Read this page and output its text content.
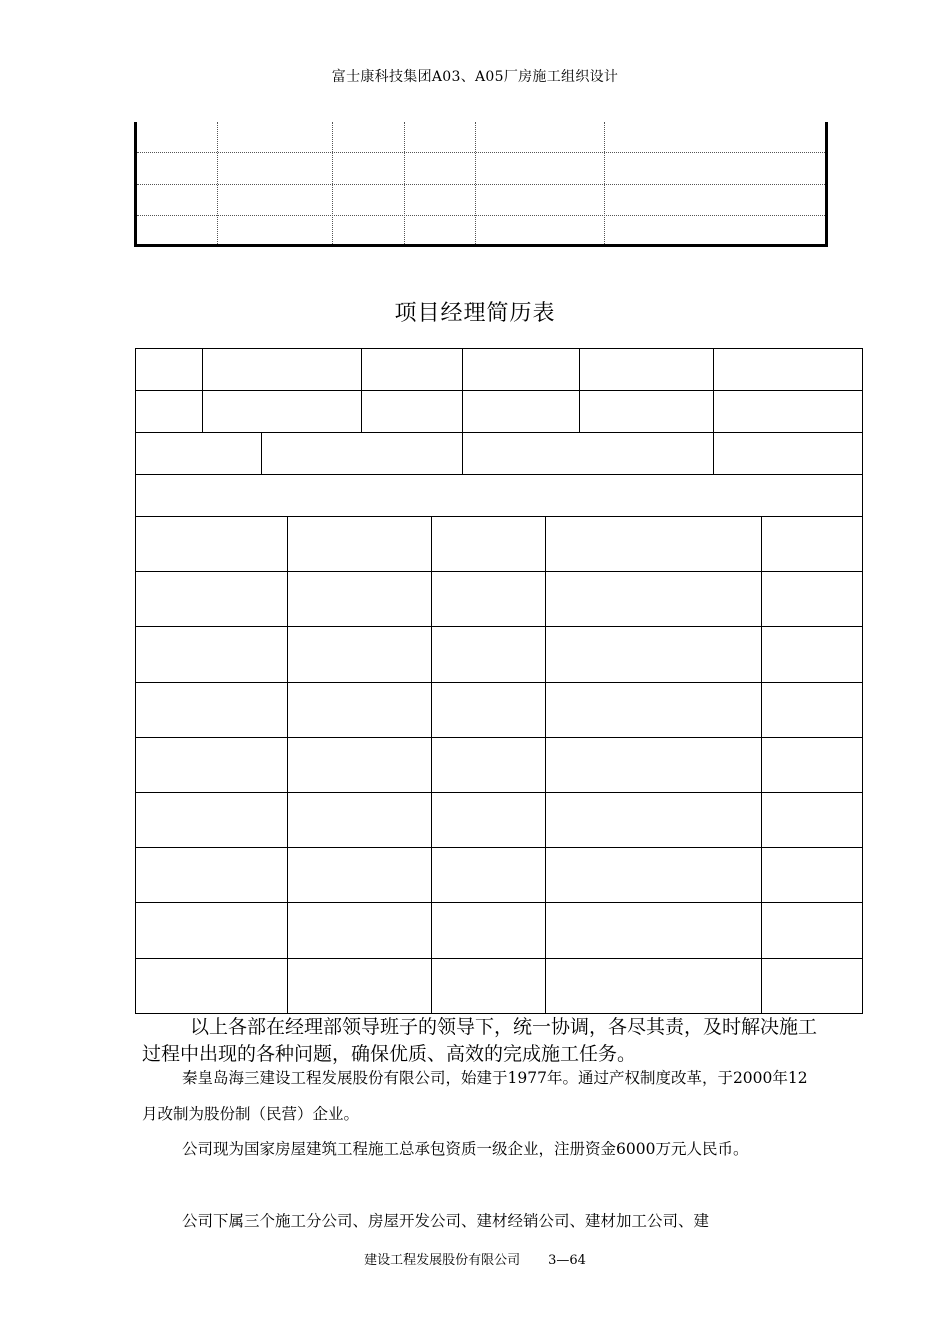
富士康科技集团A03、A05厂房施工组织设计
项目经理简历表

以上各部在经理部领导班子的领导下，统一协调，各尽其责，及时解决施工过程中出现的各种问题，确保优质、高效的完成施工任务。

秦皇岛海三建设工程发展股份有限公司，始建于1977年。通过产权制度改革，于2000年12月改制为股份制（民营）企业。

公司现为国家房屋建筑工程施工总承包资质一级企业，注册资金6000万元人民币。

公司下属三个施工分公司、房屋开发公司、建材经销公司、建材加工公司、建

建设工程发展股份有限公司 3—64
